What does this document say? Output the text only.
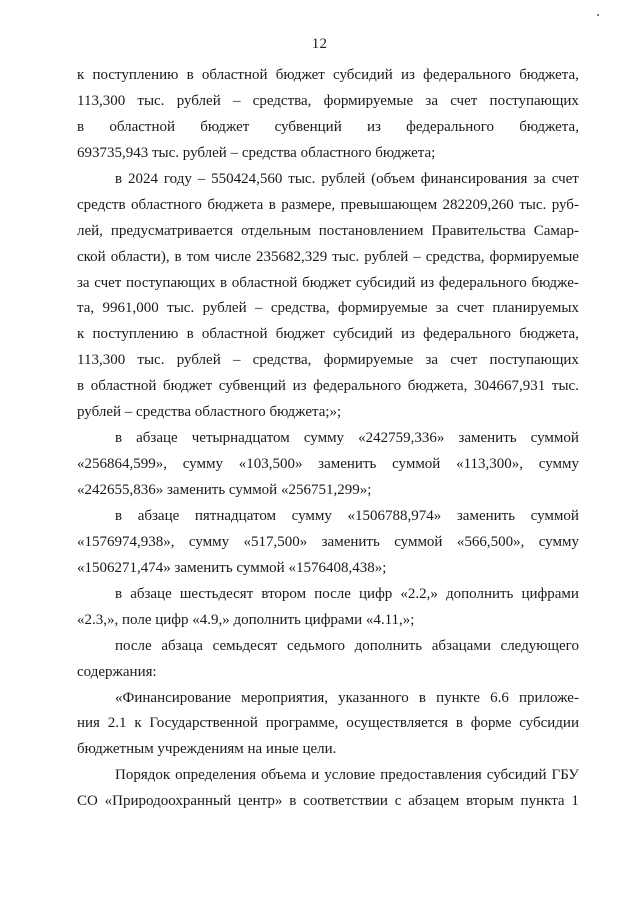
12
к поступлению в областной бюджет субсидий из федерального бюджета,
113,300 тыс. рублей – средства, формируемые за счет поступающих
в областной бюджет субвенций из федерального бюджета,
693735,943 тыс. рублей – средства областного бюджета;
в 2024 году – 550424,560 тыс. рублей (объем финансирования за счет
средств областного бюджета в размере, превышающем 282209,260 тыс. руб-
лей, предусматривается отдельным постановлением Правительства Самар-
ской области), в том числе 235682,329 тыс. рублей – средства, формируемые
за счет поступающих в областной бюджет субсидий из федерального бюдже-
та, 9961,000 тыс. рублей – средства, формируемые за счет планируемых
к поступлению в областной бюджет субсидий из федерального бюджета,
113,300 тыс. рублей – средства, формируемые за счет поступающих
в областной бюджет субвенций из федерального бюджета, 304667,931 тыс.
рублей – средства областного бюджета;»;
в абзаце четырнадцатом сумму «242759,336» заменить суммой
«256864,599», сумму «103,500» заменить суммой «113,300», сумму
«242655,836» заменить суммой «256751,299»;
в абзаце пятнадцатом сумму «1506788,974» заменить суммой
«1576974,938», сумму «517,500» заменить суммой «566,500», сумму
«1506271,474» заменить суммой «1576408,438»;
в абзаце шестьдесят втором после цифр «2.2,» дополнить цифрами
«2.3,», поле цифр «4.9,» дополнить цифрами «4.11,»;
после абзаца семьдесят седьмого дополнить абзацами следующего
содержания:
«Финансирование мероприятия, указанного в пункте 6.6 приложе-
ния 2.1 к Государственной программе, осуществляется в форме субсидии
бюджетным учреждениям на иные цели.
Порядок определения объема и условие предоставления субсидий ГБУ
СО «Природоохранный центр» в соответствии с абзацем вторым пункта 1
